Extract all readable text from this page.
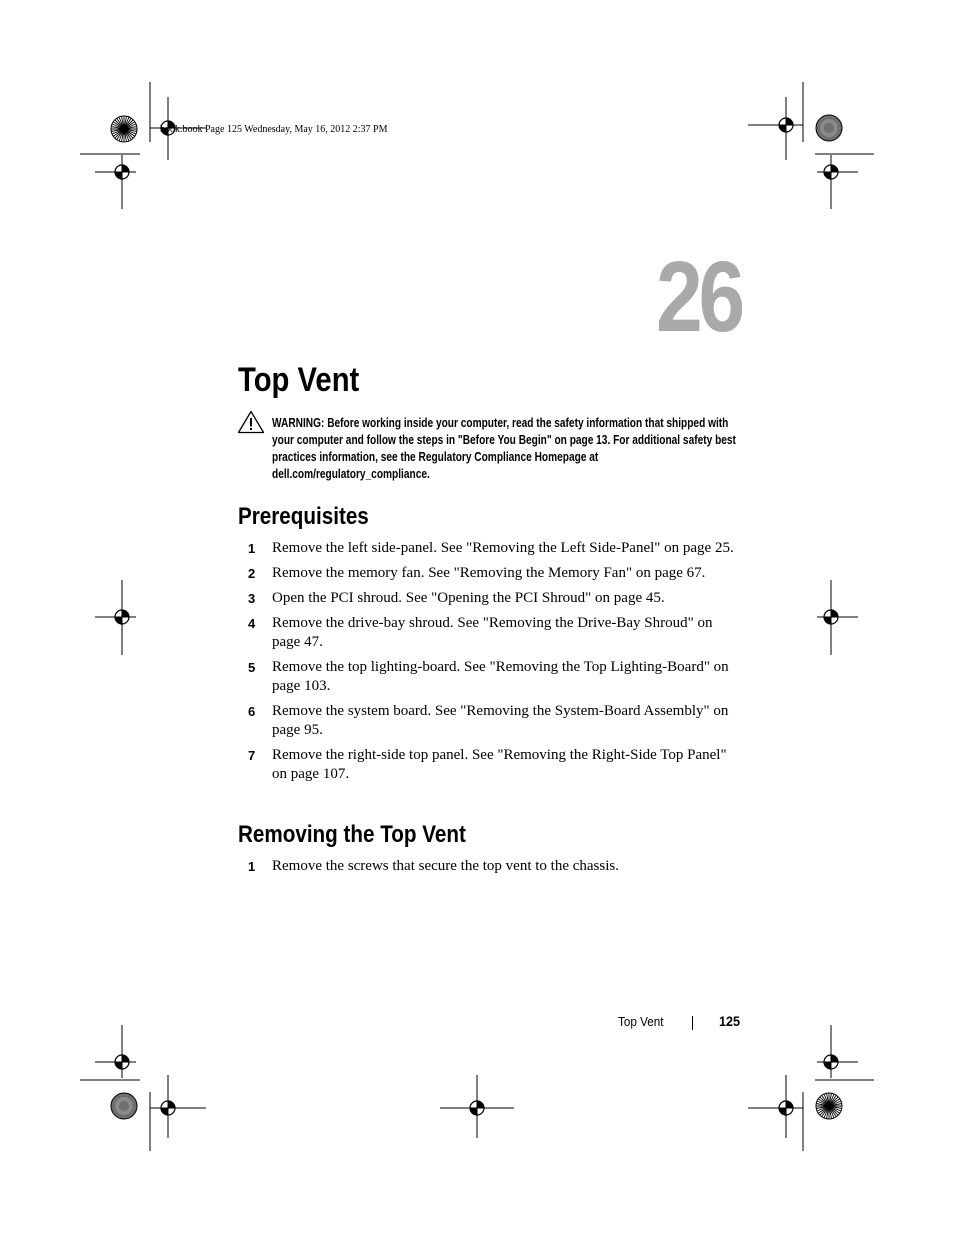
book.book Page 125 Wednesday, May 16, 2012 2:37 PM
26
Top Vent
WARNING: Before working inside your computer, read the safety information that shipped with your computer and follow the steps in "Before You Begin" on page 13. For additional safety best practices information, see the Regulatory Compliance Homepage at dell.com/regulatory_compliance.
Prerequisites
1 Remove the left side-panel. See "Removing the Left Side-Panel" on page 25.
2 Remove the memory fan. See "Removing the Memory Fan" on page 67.
3 Open the PCI shroud. See "Opening the PCI Shroud" on page 45.
4 Remove the drive-bay shroud. See "Removing the Drive-Bay Shroud" on page 47.
5 Remove the top lighting-board. See "Removing the Top Lighting-Board" on page 103.
6 Remove the system board. See "Removing the System-Board Assembly" on page 95.
7 Remove the right-side top panel. See "Removing the Right-Side Top Panel" on page 107.
Removing the Top Vent
1 Remove the screws that secure the top vent to the chassis.
Top Vent	125
